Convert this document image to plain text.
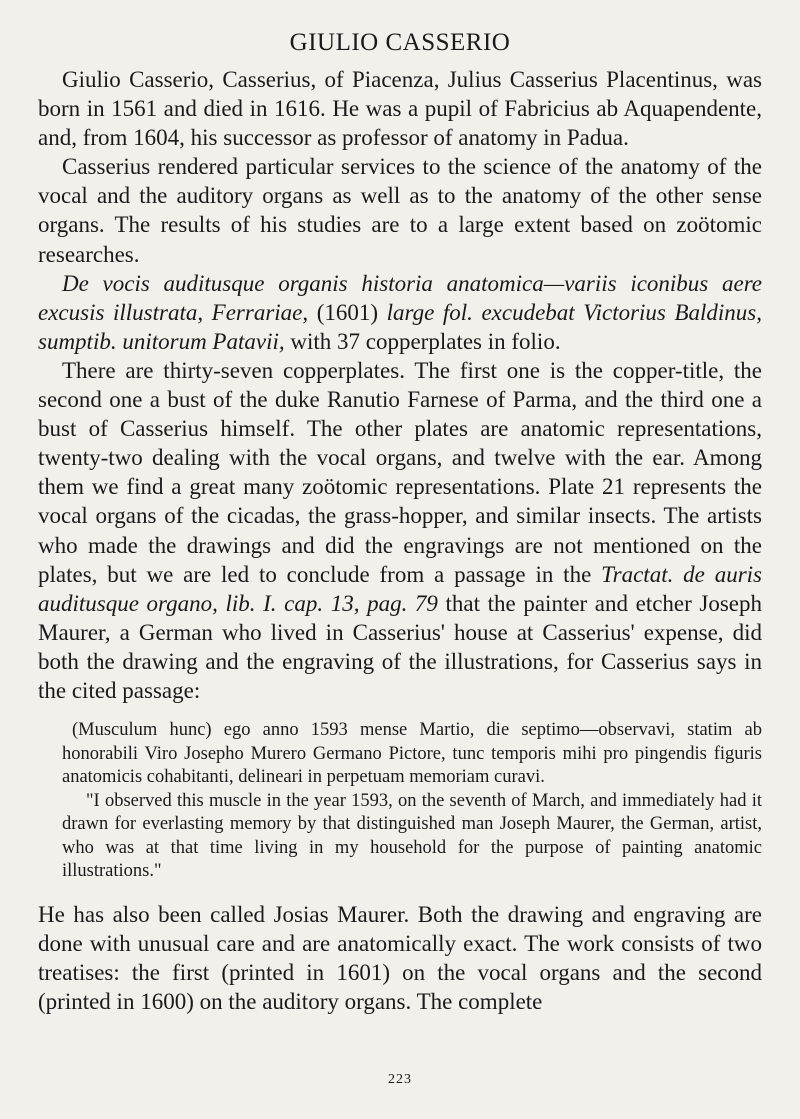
GIULIO CASSERIO

Giulio Casserio, Casserius, of Piacenza, Julius Casserius Placentinus, was born in 1561 and died in 1616. He was a pupil of Fabricius ab Aquapendente, and, from 1604, his successor as professor of anatomy in Padua.

Casserius rendered particular services to the science of the anatomy of the vocal and the auditory organs as well as to the anatomy of the other sense organs. The results of his studies are to a large extent based on zoötomic researches.

De vocis auditusque organis historia anatomica—variis iconibus aere excusis illustrata, Ferrariae, (1601) large fol. excudebat Victorius Baldinus, sumptib. unitorum Patavii, with 37 copperplates in folio.

There are thirty-seven copperplates. The first one is the copper-title, the second one a bust of the duke Ranutio Farnese of Parma, and the third one a bust of Casserius himself. The other plates are anatomic representations, twenty-two dealing with the vocal organs, and twelve with the ear. Among them we find a great many zoötomic representations. Plate 21 represents the vocal organs of the cicadas, the grass-hopper, and similar insects. The artists who made the drawings and did the engravings are not mentioned on the plates, but we are led to conclude from a passage in the Tractat. de auris auditusque organo, lib. I. cap. 13, pag. 79 that the painter and etcher Joseph Maurer, a German who lived in Casserius' house at Casserius' expense, did both the drawing and the engraving of the illustrations, for Casserius says in the cited passage:

(Musculum hunc) ego anno 1593 mense Martio, die septimo—observavi, statim ab honorabili Viro Josepho Murero Germano Pictore, tunc temporis mihi pro pingendis figuris anatomicis cohabitanti, delineari in perpetuam memoriam curavi.

"I observed this muscle in the year 1593, on the seventh of March, and immediately had it drawn for everlasting memory by that distinguished man Joseph Maurer, the German, artist, who was at that time living in my household for the purpose of painting anatomic illustrations."

He has also been called Josias Maurer. Both the drawing and engraving are done with unusual care and are anatomically exact. The work consists of two treatises: the first (printed in 1601) on the vocal organs and the second (printed in 1600) on the auditory organs. The complete

223
